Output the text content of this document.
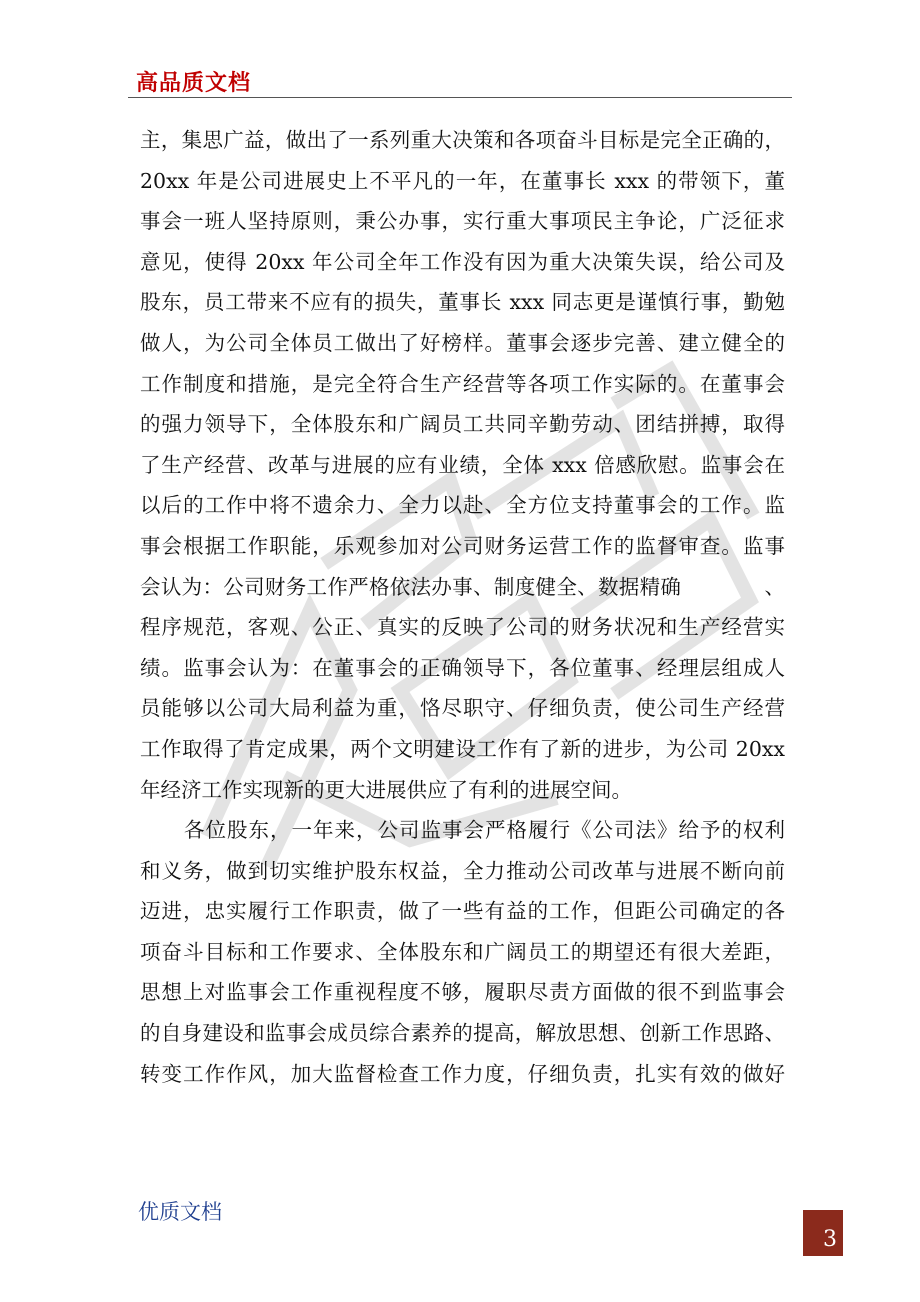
高品质文档
主，集思广益，做出了一系列重大决策和各项奋斗目标是完全正确的，
20xx 年是公司进展史上不平凡的一年，在董事长 xxx 的带领下，董
事会一班人坚持原则，秉公办事，实行重大事项民主争论，广泛征求
意见，使得 20xx 年公司全年工作没有因为重大决策失误，给公司及
股东，员工带来不应有的损失，董事长 xxx 同志更是谨慎行事，勤勉
做人，为公司全体员工做出了好榜样。董事会逐步完善、建立健全的
工作制度和措施，是完全符合生产经营等各项工作实际的。在董事会
的强力领导下，全体股东和广阔员工共同辛勤劳动、团结拼搏，取得
了生产经营、改革与进展的应有业绩，全体 xxx 倍感欣慰。监事会在
以后的工作中将不遗余力、全力以赴、全方位支持董事会的工作。监
事会根据工作职能，乐观参加对公司财务运营工作的监督审查。监事
会认为：公司财务工作严格依法办事、制度健全、数据精确　　　　、
程序规范，客观、公正、真实的反映了公司的财务状况和生产经营实
绩。监事会认为：在董事会的正确领导下，各位董事、经理层组成人
员能够以公司大局利益为重，恪尽职守、仔细负责，使公司生产经营
工作取得了肯定成果，两个文明建设工作有了新的进步，为公司 20xx
年经济工作实现新的更大进展供应了有利的进展空间。
各位股东，一年来，公司监事会严格履行《公司法》给予的权利
和义务，做到切实维护股东权益，全力推动公司改革与进展不断向前
迈进，忠实履行工作职责，做了一些有益的工作，但距公司确定的各
项奋斗目标和工作要求、全体股东和广阔员工的期望还有很大差距，
思想上对监事会工作重视程度不够，履职尽责方面做的很不到监事会
的自身建设和监事会成员综合素养的提高，解放思想、创新工作思路、
转变工作作风，加大监督检查工作力度，仔细负责，扎实有效的做好
优质文档
3
